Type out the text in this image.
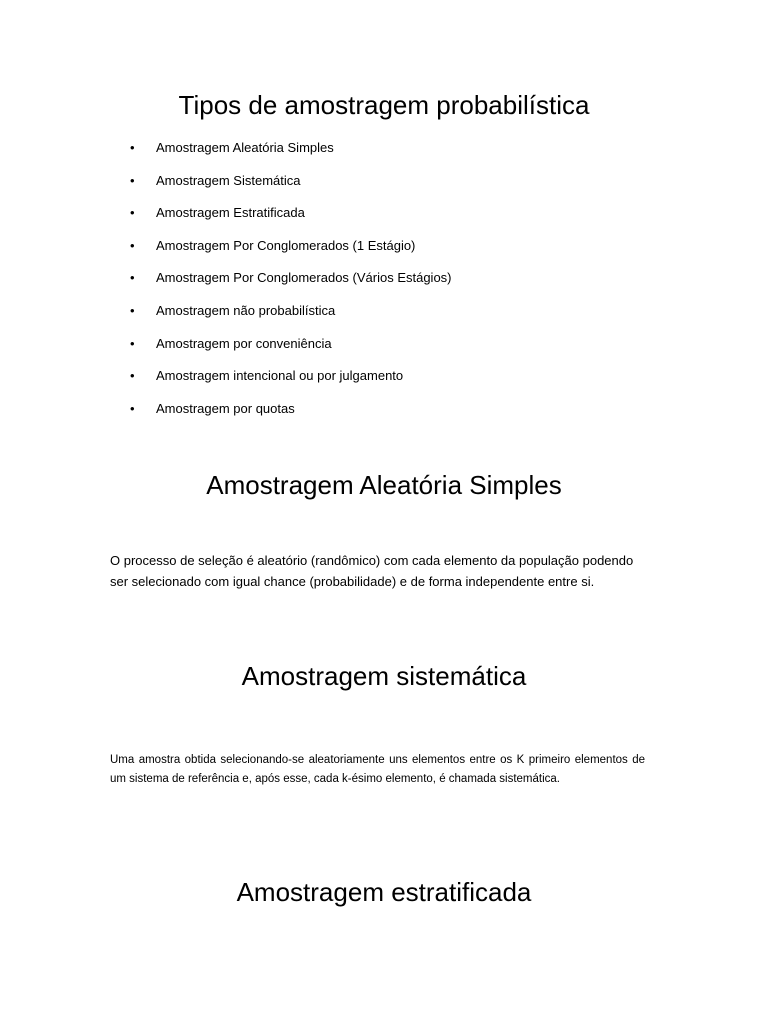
Tipos de amostragem probabilística
• Amostragem Aleatória Simples
• Amostragem Sistemática
• Amostragem Estratificada
• Amostragem Por Conglomerados (1 Estágio)
• Amostragem Por Conglomerados (Vários Estágios)
• Amostragem não probabilística
• Amostragem por conveniência
• Amostragem intencional ou por julgamento
• Amostragem por quotas
Amostragem Aleatória Simples

O processo de seleção é aleatório (randômico) com cada elemento da população podendo ser selecionado com igual chance (probabilidade) e de forma independente entre si.

Amostragem sistemática

Uma amostra obtida selecionando-se aleatoriamente uns elementos entre os K primeiro elementos de um sistema de referência e, após esse, cada k-ésimo elemento, é chamada sistemática.

Amostragem estratificada
